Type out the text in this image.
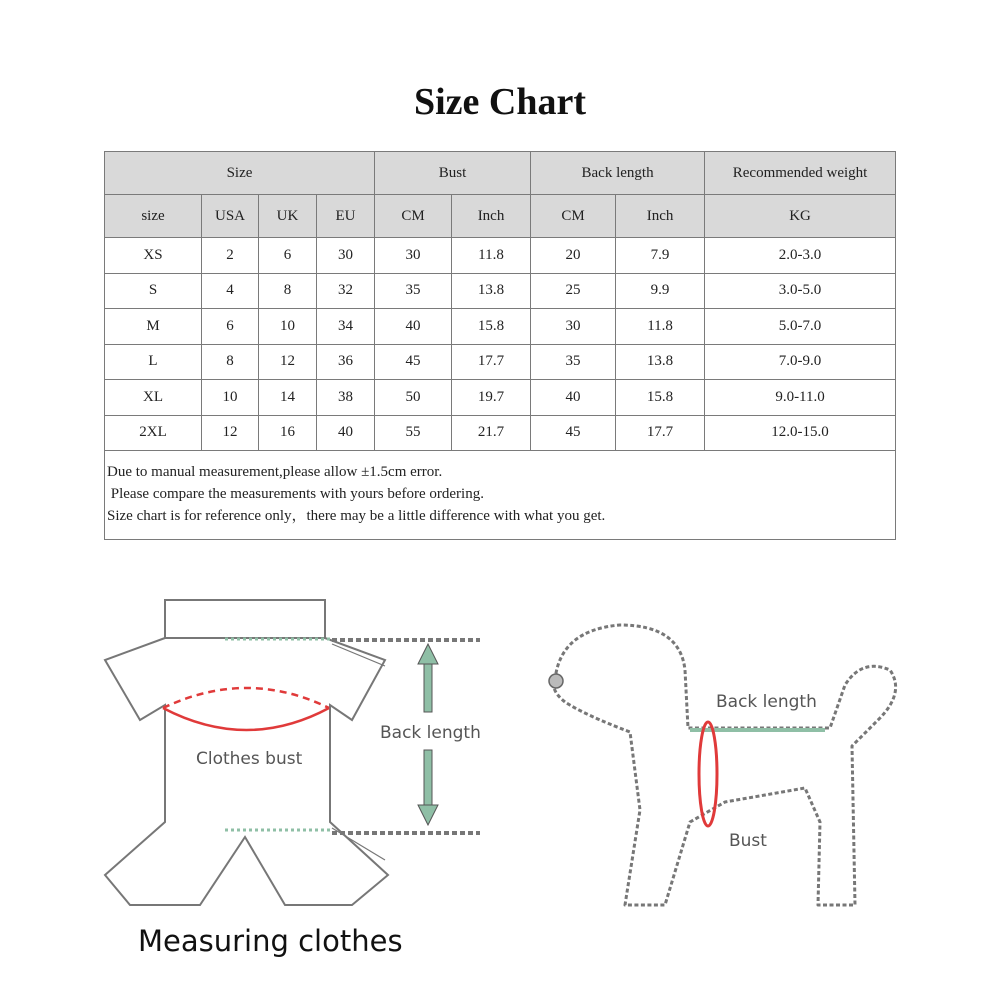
Size Chart
Size				Bust		Back length		Recommended weight
size	USA	UK	EU	CM	Inch	CM	Inch	KG
XS	2	6	30	30	11.8	20	7.9	2.0-3.0
S	4	8	32	35	13.8	25	9.9	3.0-5.0
M	6	10	34	40	15.8	30	11.8	5.0-7.0
L	8	12	36	45	17.7	35	13.8	7.0-9.0
XL	10	14	38	50	19.7	40	15.8	9.0-11.0
2XL	12	16	40	55	21.7	45	17.7	12.0-15.0

Due to manual measurement,please allow ±1.5cm error.
Please compare the measurements with yours before ordering.
Size chart is for reference only，there may be a little difference with what you get.								
Clothes bust
Back length
Back length
Bust
Measuring clothes
